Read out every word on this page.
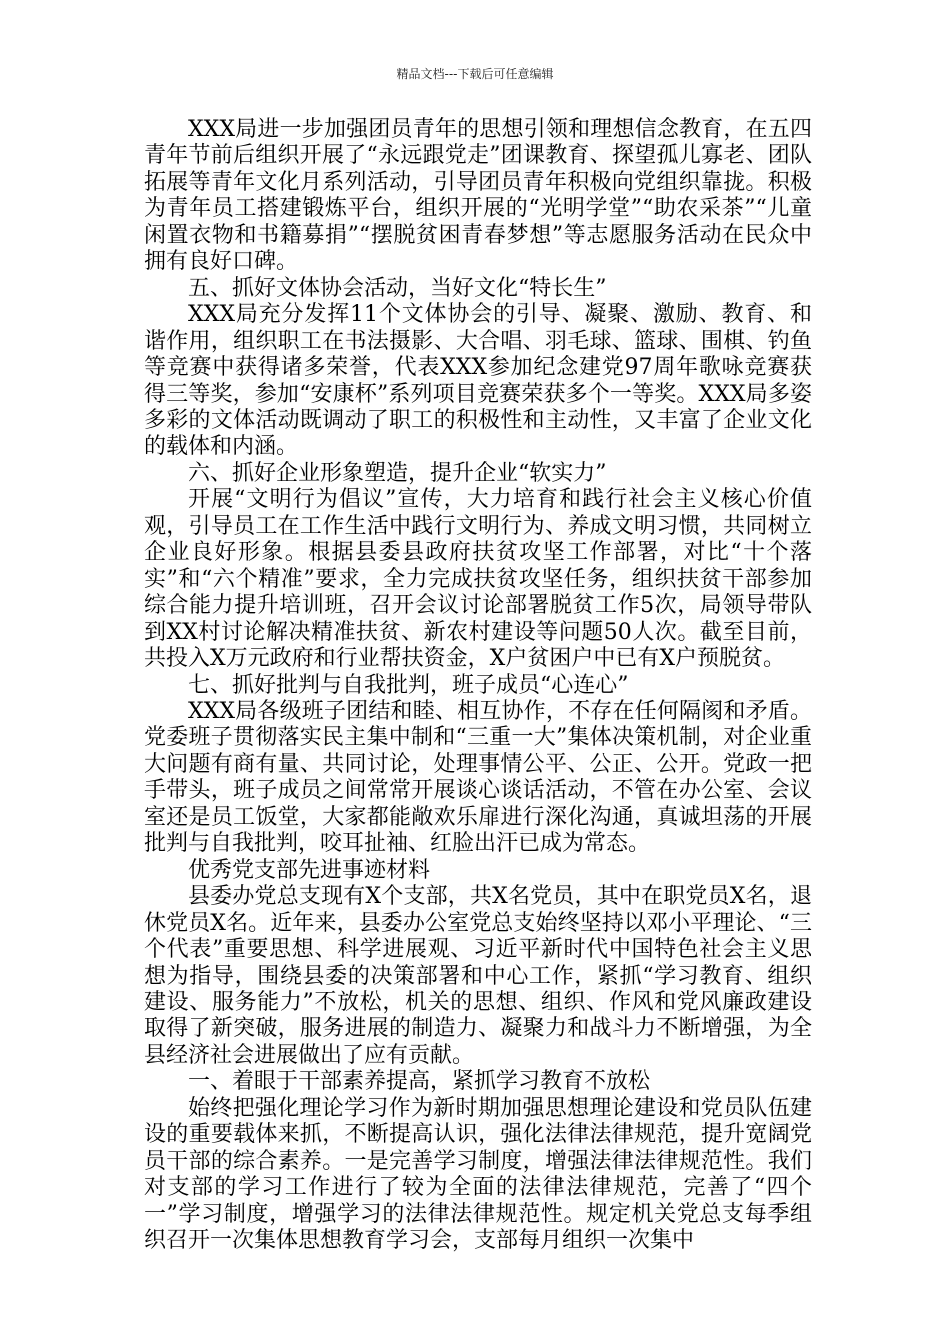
精品文档---下载后可任意编辑

XXX局进一步加强团员青年的思想引领和理想信念教育，在五四青年节前后组织开展了“永远跟党走”团课教育、探望孤儿寡老、团队拓展等青年文化月系列活动，引导团员青年积极向党组织靠拢。积极为青年员工搭建锻炼平台，组织开展的“光明学堂”“助农采茶”“儿童闲置衣物和书籍募捐”“摆脱贫困青春梦想”等志愿服务活动在民众中拥有良好口碑。

五、抓好文体协会活动，当好文化“特长生”

XXX局充分发挥11个文体协会的引导、凝聚、激励、教育、和谐作用，组织职工在书法摄影、大合唱、羽毛球、篮球、围棋、钓鱼等竞赛中获得诸多荣誉，代表XXX参加纪念建党97周年歌咏竞赛获得三等奖，参加“安康杯”系列项目竞赛荣获多个一等奖。XXX局多姿多彩的文体活动既调动了职工的积极性和主动性，又丰富了企业文化的载体和内涵。

六、抓好企业形象塑造，提升企业“软实力”

开展“文明行为倡议”宣传，大力培育和践行社会主义核心价值观，引导员工在工作生活中践行文明行为、养成文明习惯，共同树立企业良好形象。根据县委县政府扶贫攻坚工作部署，对比“十个落实”和“六个精准”要求，全力完成扶贫攻坚任务，组织扶贫干部参加综合能力提升培训班，召开会议讨论部署脱贫工作5次，局领导带队到XX村讨论解决精准扶贫、新农村建设等问题50人次。截至目前，共投入X万元政府和行业帮扶资金，X户贫困户中已有X户预脱贫。

七、抓好批判与自我批判，班子成员“心连心”

XXX局各级班子团结和睦、相互协作，不存在任何隔阂和矛盾。党委班子贯彻落实民主集中制和“三重一大”集体决策机制，对企业重大问题有商有量、共同讨论，处理事情公平、公正、公开。党政一把手带头，班子成员之间常常开展谈心谈话活动，不管在办公室、会议室还是员工饭堂，大家都能敞欢乐扉进行深化沟通，真诚坦荡的开展批判与自我批判，咬耳扯袖、红脸出汗已成为常态。

优秀党支部先进事迹材料

县委办党总支现有X个支部，共X名党员，其中在职党员X名，退休党员X名。近年来，县委办公室党总支始终坚持以邓小平理论、“三个代表”重要思想、科学进展观、习近平新时代中国特色社会主义思想为指导，围绕县委的决策部署和中心工作，紧抓“学习教育、组织建设、服务能力”不放松，机关的思想、组织、作风和党风廉政建设取得了新突破，服务进展的制造力、凝聚力和战斗力不断增强，为全县经济社会进展做出了应有贡献。

一、着眼于干部素养提高，紧抓学习教育不放松

始终把强化理论学习作为新时期加强思想理论建设和党员队伍建设的重要载体来抓，不断提高认识，强化法律法律规范，提升宽阔党员干部的综合素养。一是完善学习制度，增强法律法律规范性。我们对支部的学习工作进行了较为全面的法律法律规范，完善了“四个一”学习制度，增强学习的法律法律规范性。规定机关党总支每季组织召开一次集体思想教育学习会，支部每月组织一次集中
